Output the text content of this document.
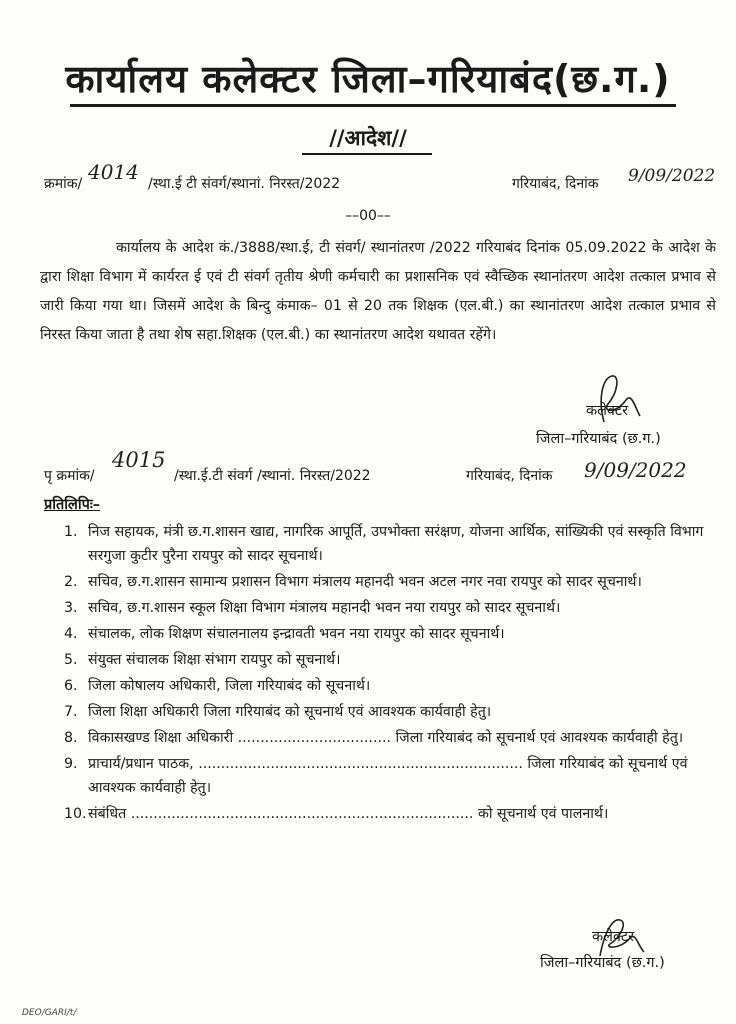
कार्यालय कलेक्टर जिला–गरियाबंद(छ.ग.)
//आदेश//
क्रमांक/ 4014 /स्था.ई टी संवर्ग/स्थानां. निरस्त/2022	गरियाबंद, दिनांक 9/09/2022
––00––
कार्यालय के आदेश कं./3888/स्था.ई, टी संवर्ग/ स्थानांतरण /2022 गरियाबंद दिनांक 05.09.2022 के आदेश के द्वारा शिक्षा विभाग में कार्यरत ई एवं टी संवर्ग तृतीय श्रेणी कर्मचारी का प्रशासनिक एवं स्वैच्छिक स्थानांतरण आदेश तत्काल प्रभाव से जारी किया गया था। जिसमें आदेश के बिन्दु कंमाक– 01 से 20 तक शिक्षक (एल.बी.) का स्थानांतरण आदेश तत्काल प्रभाव से निरस्त किया जाता है तथा शेष सहा.शिक्षक (एल.बी.) का स्थानांतरण आदेश यथावत रहेंगे।
कलेक्टर
जिला–गरियाबंद (छ.ग.)
पृ क्रमांक/
4015
/स्था.ई.टी संवर्ग /स्थानां. निरस्त/2022	गरियाबंद, दिनांक 9/09/2022
प्रतिलिपिः–
1. निज सहायक, मंत्री छ.ग.शासन खाद्य, नागरिक आपूर्ति, उपभोक्ता सरंक्षण, योजना आर्थिक, सांख्यिकी एवं सस्कृति विभाग सरगुजा कुटीर पुरैना रायपुर को सादर सूचनार्थ।
2. सचिव, छ.ग.शासन सामान्य प्रशासन विभाग मंत्रालय महानदी भवन अटल नगर नवा रायपुर को सादर सूचनार्थ।
3. सचिव, छ.ग.शासन स्कूल शिक्षा विभाग मंत्रालय महानदी भवन नया रायपुर को सादर सूचनार्थ।
4. संचालक, लोक शिक्षण संचालनालय इन्द्रावती भवन नया रायपुर को सादर सूचनार्थ।
5. संयुक्त संचालक शिक्षा संभाग रायपुर को सूचनार्थ।
6. जिला कोषालय अधिकारी, जिला गरियाबंद को सूचनार्थ।
7. जिला शिक्षा अधिकारी जिला गरियाबंद को सूचनार्थ एवं आवश्यक कार्यवाही हेतु।
8. विकासखण्ड शिक्षा अधिकारी .................................. जिला गरियाबंद को सूचनार्थ एवं आवश्यक कार्यवाही हेतु।
9. प्राचार्य/प्रधान पाठक, ........................................................................ जिला गरियाबंद को सूचनार्थ एवं आवश्यक कार्यवाही हेतु।
10. संबंधित ............................................................................ को सूचनार्थ एवं पालनार्थ।
कलेक्टर
जिला–गरियाबंद (छ.ग.)
DEO/GARI/t/
